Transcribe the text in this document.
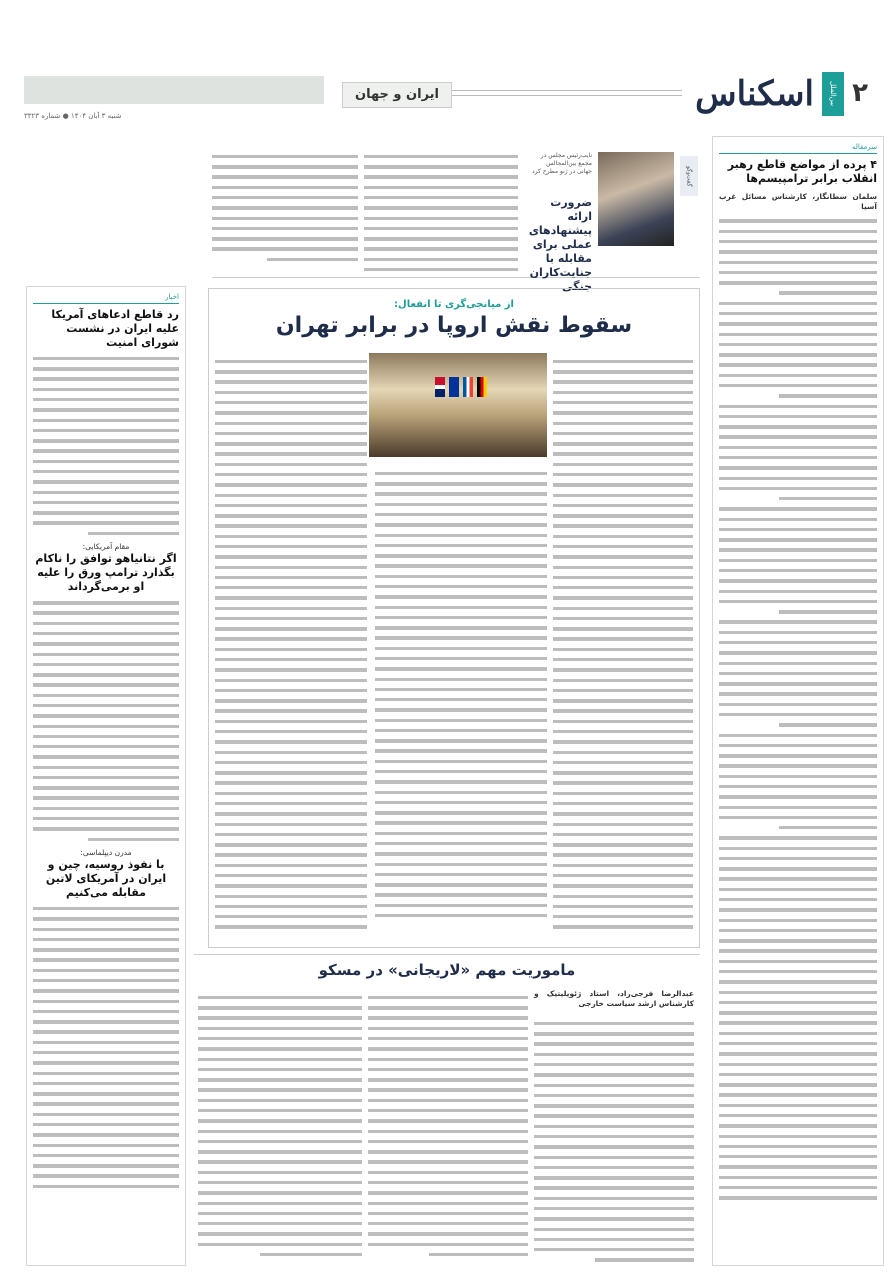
۲
بین‌الملل
اسکناس
ایران و جهان
شنبه ۳ آبان ۱۴۰۴ ● شماره ۳۳۲۳
سرمقاله
۴ پرده از مواضع قاطع رهبر انقلاب برابر ترامپیسم‌ها
سلمان سطانگار، کارشناس مسائل غرب آسیا
گفت‌وگو
نایب‌رئیس مجلس در مجمع بین‌المجالس جهانی در ژنو مطرح کرد
ضرورت ارائه پیشنهادهای عملی برای مقابله با جنایت‌کاران جنگی
اخبار
رد قاطع ادعاهای آمریکا علیه ایران در نشست شورای امنیت
مقام آمریکایی:
اگر نتانیاهو توافق را ناکام بگذارد ترامپ ورق را علیه او برمی‌گرداند
مدرن دیپلماسی:
با نفوذ روسیه، چین و ایران در آمریکای لاتین مقابله می‌کنیم
از میانجی‌گری تا انفعال:
سقوط نقش اروپا در برابر تهران
ماموریت مهم «لاریجانی» در مسکو
عبدالرضا فرجی‌راد، استاد ژئوپلیتیک و کارشناس ارشد سیاست خارجی
